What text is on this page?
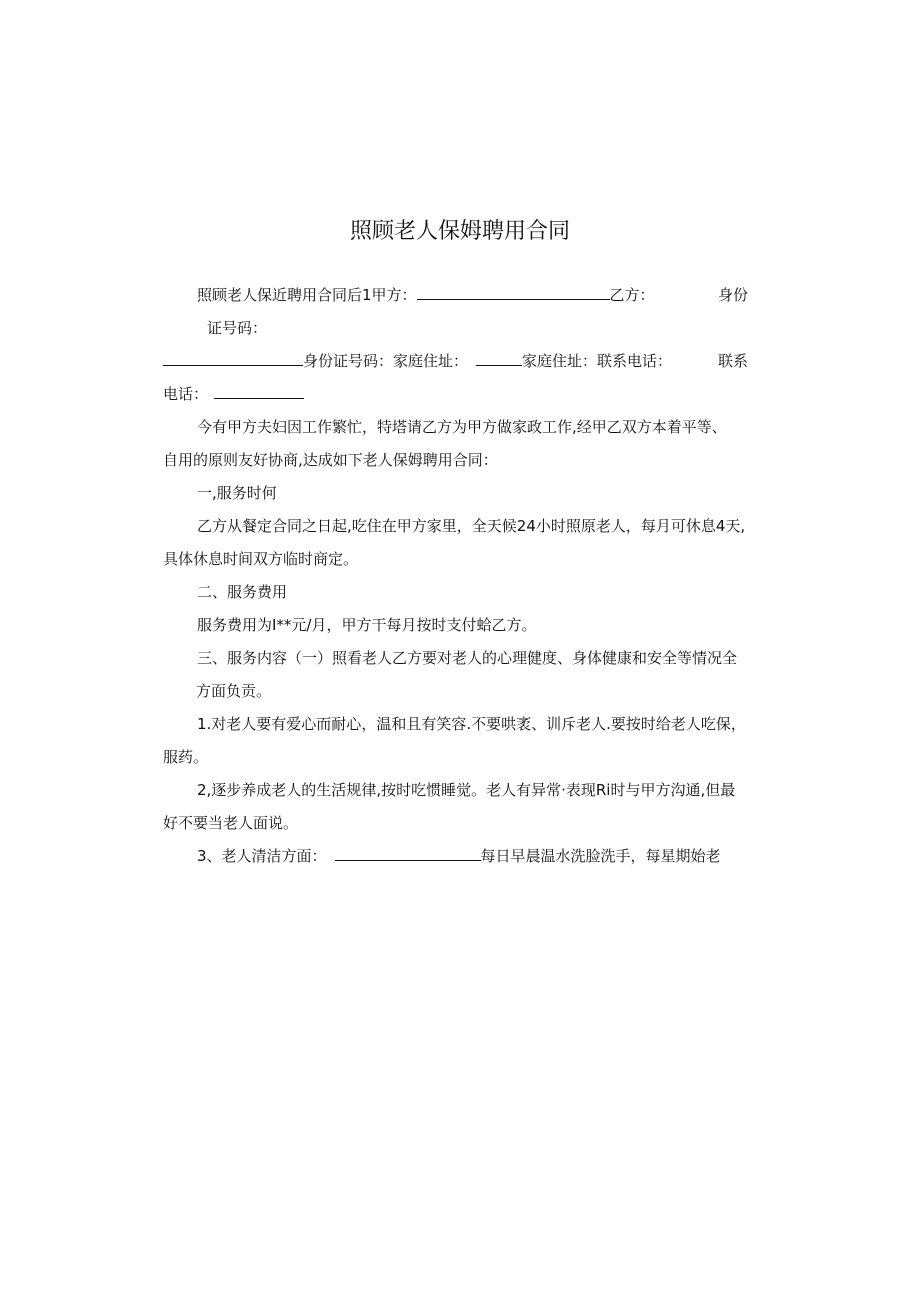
照顾老人保姆聘用合同
照顾老人保近聘用合同后1甲方：	乙方：	身份
证号码：
身份证号码：家庭住址：	家庭住址：联系电话：	联系
电话：
今有甲方夫妇因工作繁忙，特塔请乙方为甲方做家政工作,经甲乙双方本着平等、
自用的原则友好协商,达成如下老人保姆聘用合同：
一,服务时何
乙方从餐定合同之日起,吃住在甲方家里，全天候24小时照原老人，每月可休息4天,
具体休息时间双方临时商定。
二、服务费用
服务费用为I**元/月，甲方干每月按时支付蛤乙方。
三、服务内容（一）照看老人乙方要对老人的心理健度、身体健康和安全等情况全
方面负贡。
1.对老人要有爱心而耐心，温和且有笑容.不要哄袤、训斥老人.要按时给老人吃保，
服药。
2,逐步养成老人的生活规律,按时吃惯睡觉。老人有异常·表现Ri时与甲方沟通,但最
好不要当老人面说。
3、老人清洁方面：	每日早晨温水洗脸洗手，每星期始老
